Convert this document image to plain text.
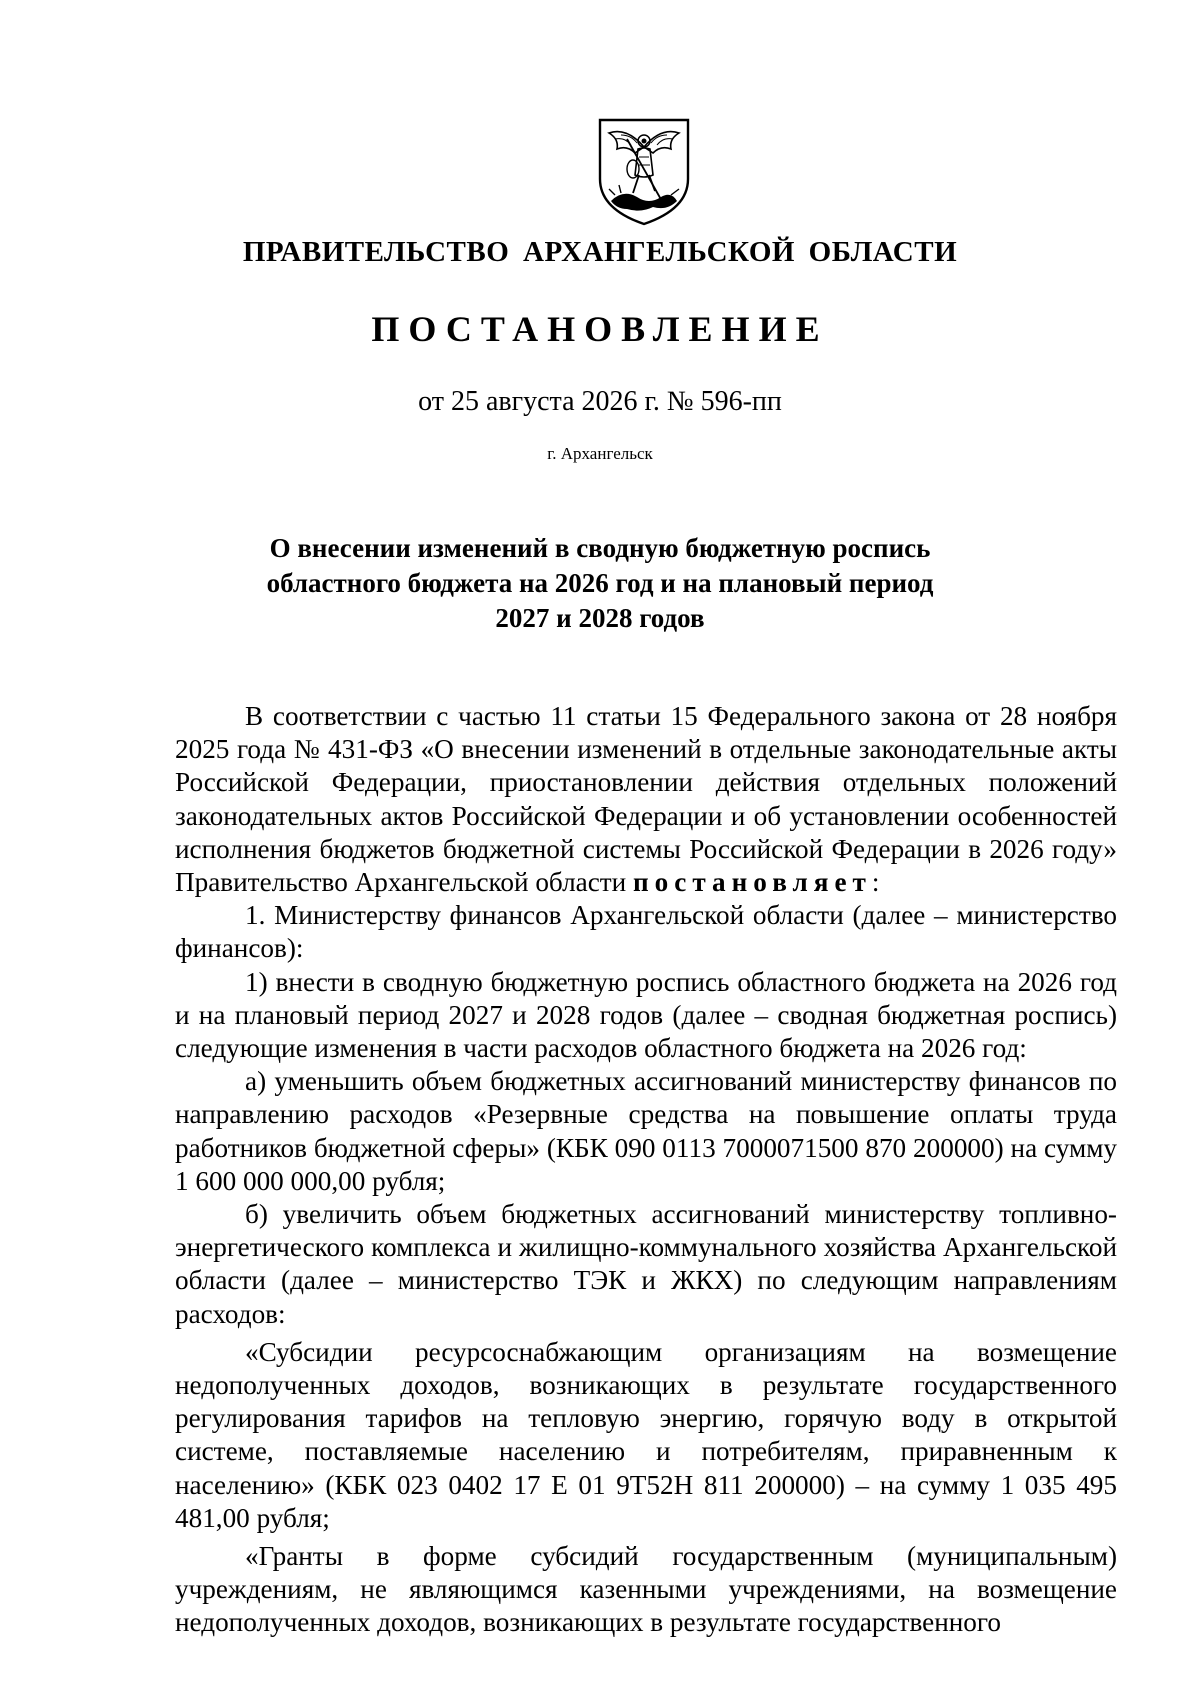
ПРАВИТЕЛЬСТВО АРХАНГЕЛЬСКОЙ ОБЛАСТИ
ПОСТАНОВЛЕНИЕ
от 25 августа 2026 г. № 596-пп
г. Архангельск
О внесении изменений в сводную бюджетную роспись
областного бюджета на 2026 год и на плановый период
2027 и 2028 годов

В соответствии с частью 11 статьи 15 Федерального закона от 28 ноября 2025 года № 431-ФЗ «О внесении изменений в отдельные законодательные акты Российской Федерации, приостановлении действия отдельных положений законодательных актов Российской Федерации и об установлении особенностей исполнения бюджетов бюджетной системы Российской Федерации в 2026 году» Правительство Архангельской области постановляет:

1. Министерству финансов Архангельской области (далее – министерство финансов):

1) внести в сводную бюджетную роспись областного бюджета на 2026 год и на плановый период 2027 и 2028 годов (далее – сводная бюджетная роспись) следующие изменения в части расходов областного бюджета на 2026 год:

а) уменьшить объем бюджетных ассигнований министерству финансов по направлению расходов «Резервные средства на повышение оплаты труда работников бюджетной сферы» (КБК 090 0113 7000071500 870 200000) на сумму 1 600 000 000,00 рубля;

б) увеличить объем бюджетных ассигнований министерству топливно-энергетического комплекса и жилищно-коммунального хозяйства Архангельской области (далее – министерство ТЭК и ЖКХ) по следующим направлениям расходов:

«Субсидии ресурсоснабжающим организациям на возмещение недополученных доходов, возникающих в результате государственного регулирования тарифов на тепловую энергию, горячую воду в открытой системе, поставляемые населению и потребителям, приравненным к населению» (КБК 023 0402 17 Е 01 9Т52Н 811 200000) – на сумму 1 035 495 481,00 рубля;

«Гранты в форме субсидий государственным (муниципальным) учреждениям, не являющимся казенными учреждениями, на возмещение недополученных доходов, возникающих в результате государственного
